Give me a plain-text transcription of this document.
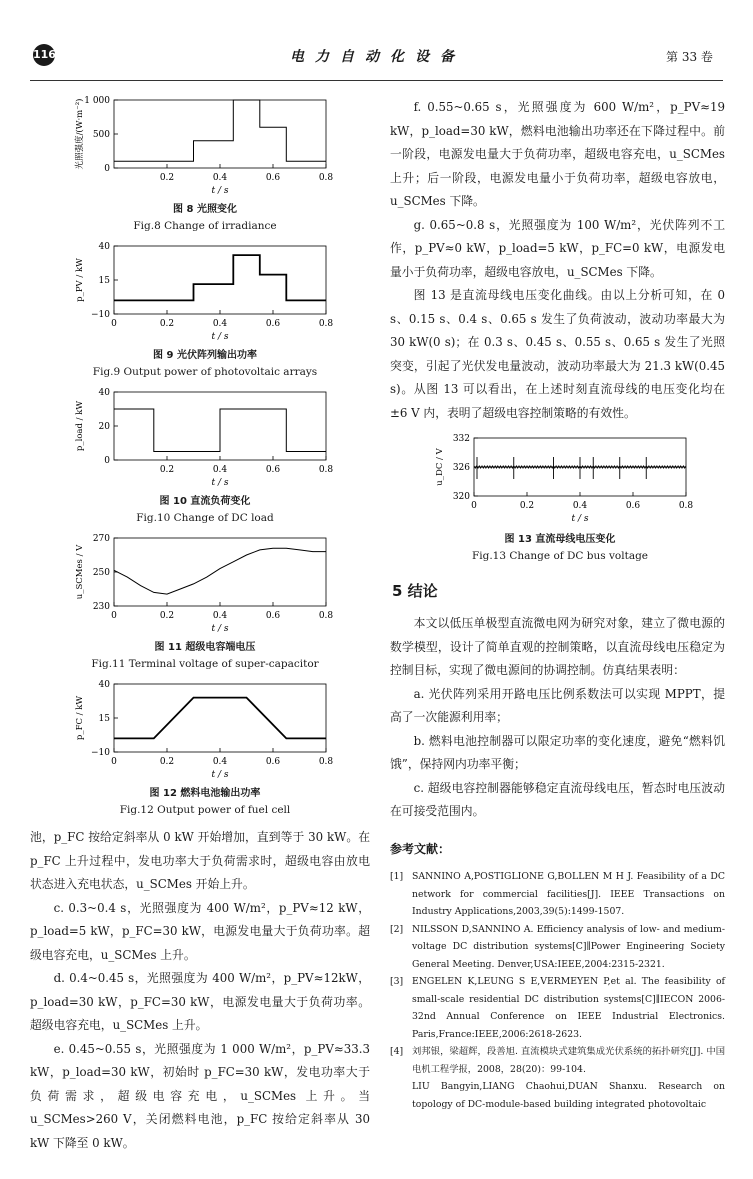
116	电力自动化设备	第 33 卷
0
500
1 000
0.2	0.4	0.6	0.8
t / s
光照强度/(W·m⁻²)
图 8 光照变化
Fig.8 Change of irradiance
−10
15
40
0	0.2	0.4	0.6	0.8
t / s
p_PV / kW
图 9 光伏阵列输出功率
Fig.9 Output power of photovoltaic arrays
0
20
40
0.2	0.4	0.6	0.8
t / s
p_load / kW
图 10 直流负荷变化
Fig.10 Change of DC load
230
250
270
0	0.2	0.4	0.6	0.8
t / s
u_SCMes / V
图 11 超级电容端电压
Fig.11 Terminal voltage of super-capacitor
−10
15
40
0	0.2	0.4	0.6	0.8
t / s
p_FC / kW
图 12 燃料电池输出功率
Fig.12 Output power of fuel cell

池，p_FC 按给定斜率从 0 kW 开始增加，直到等于 30 kW。在 p_FC 上升过程中，发电功率大于负荷需求时，超级电容由放电状态进入充电状态，u_SCMes 开始上升。

c. 0.3~0.4 s，光照强度为 400 W/m²，p_PV≈12 kW，p_load=5 kW，p_FC=30 kW，电源发电量大于负荷功率。超级电容充电，u_SCMes 上升。

d. 0.4~0.45 s，光照强度为 400 W/m²，p_PV≈12kW，p_load=30 kW，p_FC=30 kW，电源发电量大于负荷功率。超级电容充电，u_SCMes 上升。

e. 0.45~0.55 s，光照强度为 1 000 W/m²，p_PV≈33.3 kW，p_load=30 kW，初始时 p_FC=30 kW，发电功率大于负荷需求，超级电容充电，u_SCMes 上升。当 u_SCMes>260 V，关闭燃料电池，p_FC 按给定斜率从 30 kW 下降至 0 kW。

f. 0.55~0.65 s，光照强度为 600 W/m²，p_PV≈19 kW，p_load=30 kW，燃料电池输出功率还在下降过程中。前一阶段，电源发电量大于负荷功率，超级电容充电，u_SCMes 上升；后一阶段，电源发电量小于负荷功率，超级电容放电，u_SCMes 下降。

g. 0.65~0.8 s，光照强度为 100 W/m²，光伏阵列不工作，p_PV≈0 kW，p_load=5 kW，p_FC=0 kW，电源发电量小于负荷功率，超级电容放电，u_SCMes 下降。

图 13 是直流母线电压变化曲线。由以上分析可知，在 0 s、0.15 s、0.4 s、0.65 s 发生了负荷波动，波动功率最大为 30 kW(0 s)；在 0.3 s、0.45 s、0.55 s、0.65 s 发生了光照突变，引起了光伏发电量波动，波动功率最大为 21.3 kW(0.45 s)。从图 13 可以看出，在上述时刻直流母线的电压变化均在 ±6 V 内，表明了超级电容控制策略的有效性。

320
326
332
0	0.2	0.4	0.6	0.8
t / s
u_DC / V
图 13 直流母线电压变化
Fig.13 Change of DC bus voltage
5 结论

本文以低压单极型直流微电网为研究对象，建立了微电源的数学模型，设计了简单直观的控制策略，以直流母线电压稳定为控制目标，实现了微电源间的协调控制。仿真结果表明：

a. 光伏阵列采用开路电压比例系数法可以实现 MPPT，提高了一次能源利用率；

b. 燃料电池控制器可以限定功率的变化速度，避免“燃料饥饿”，保持网内功率平衡；

c. 超级电容控制器能够稳定直流母线电压，暂态时电压波动在可接受范围内。

参考文献：
[1] SANNINO A,POSTIGLIONE G,BOLLEN M H J. Feasibility of a DC network for commercial facilities[J]. IEEE Transactions on Industry Applications,2003,39(5):1499-1507.
[2] NILSSON D,SANNINO A. Efficiency analysis of low- and medium-voltage DC distribution systems[C]∥Power Engineering Society General Meeting. Denver,USA:IEEE,2004:2315-2321.
[3] ENGELEN K,LEUNG S E,VERMEYEN P,et al. The feasibility of small-scale residential DC distribution systems[C]∥IECON 2006-32nd Annual Conference on IEEE Industrial Electronics. Paris,France:IEEE,2006:2618-2623.
[4] 刘邦银，梁超辉，段善旭. 直流模块式建筑集成光伏系统的拓扑研究[J]. 中国电机工程学报，2008，28(20)：99-104.
LIU Bangyin,LIANG Chaohui,DUAN Shanxu. Research on topology of DC-module-based building integrated photovoltaic
